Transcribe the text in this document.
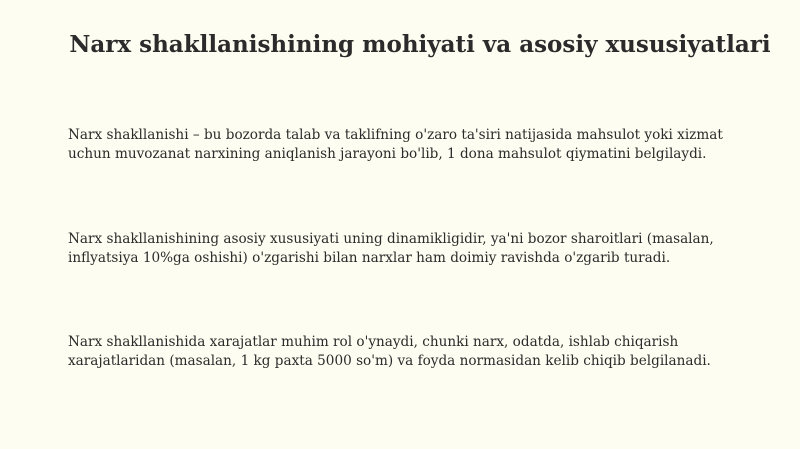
Narx shakllanishining mohiyati va asosiy xususiyatlari

Narx shakllanishi – bu bozorda talab va taklifning o'zaro ta'siri natijasida mahsulot yoki xizmat uchun muvozanat narxining aniqlanish jarayoni bo'lib, 1 dona mahsulot qiymatini belgilaydi.

Narx shakllanishining asosiy xususiyati uning dinamikligidir, ya'ni bozor sharoitlari (masalan, inflyatsiya 10%ga oshishi) o'zgarishi bilan narxlar ham doimiy ravishda o'zgarib turadi.

Narx shakllanishida xarajatlar muhim rol o'ynaydi, chunki narx, odatda, ishlab chiqarish xarajatlaridan (masalan, 1 kg paxta 5000 so'm) va foyda normasidan kelib chiqib belgilanadi.
